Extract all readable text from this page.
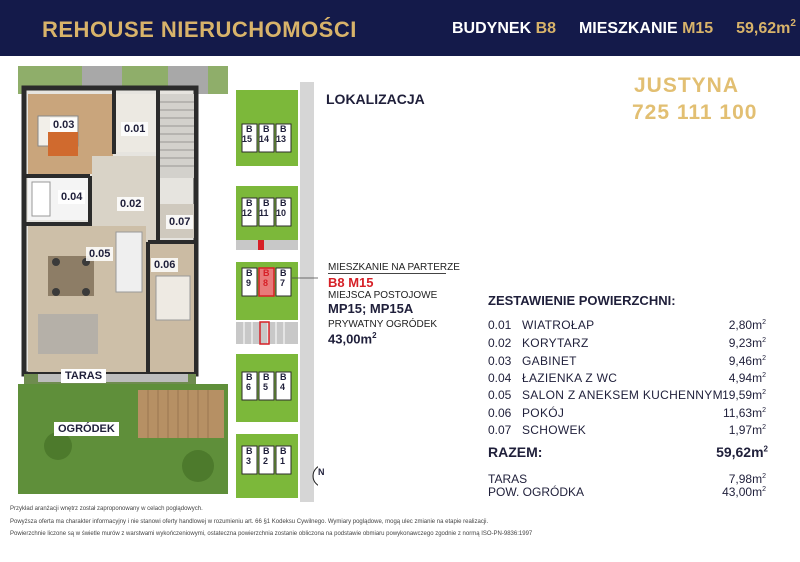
REHOUSE NIERUCHOMOŚCI	BUDYNEK B8 MIESZKANIE M15 $59,62m^2$
0.03	0.01
0.04
0.02
0.07
0.05
0.06
TARAS
OGRÓDEK
LOKALIZACJA
B
15
B
14
B
13
B
12
B
11
B
10
B
9
B
8
B
7
B
6
B
5
B
4
B
3
B
2
B
1
N
MIESZKANIE NA PARTERZE
B8 M15
MIEJSCA POSTOJOWE
MP15; MP15A
PRYWATNY OGRÓDEK
$43,00m^2$
JUSTYNA
725 111 100
ZESTAWIENIE POWIERZCHNI:
0.01 WIATROŁAP	$2,80m^2$
0.02 KORYTARZ	$9,23m^2$
0.03 GABINET	$9,46m^2$
0.04 ŁAZIENKA Z WC	$4,94m^2$
0.05 SALON Z ANEKSEM KUCHENNYM $19,59m^2$
0.06 POKÓJ	$11,63m^2$
0.07 SCHOWEK	$1,97m^2$
RAZEM:	$59,62m^2$
TARAS	$7,98m^2$
POW. OGRÓDKA	$43,00m^2$
Przykład aranżacji wnętrz został zaproponowany w celach poglądowych.
Powyższa oferta ma charakter informacyjny i nie stanowi oferty handlowej w rozumieniu art. 66 §1 Kodeksu Cywilnego. Wymiary poglądowe, mogą ulec zmianie na etapie realizacji.
Powierzchnie liczone są w świetle murów z warstwami wykończeniowymi, ostateczna powierzchnia zostanie obliczona na podstawie obmiaru powykonawczego zgodnie z normą ISO-PN-9836:1997
